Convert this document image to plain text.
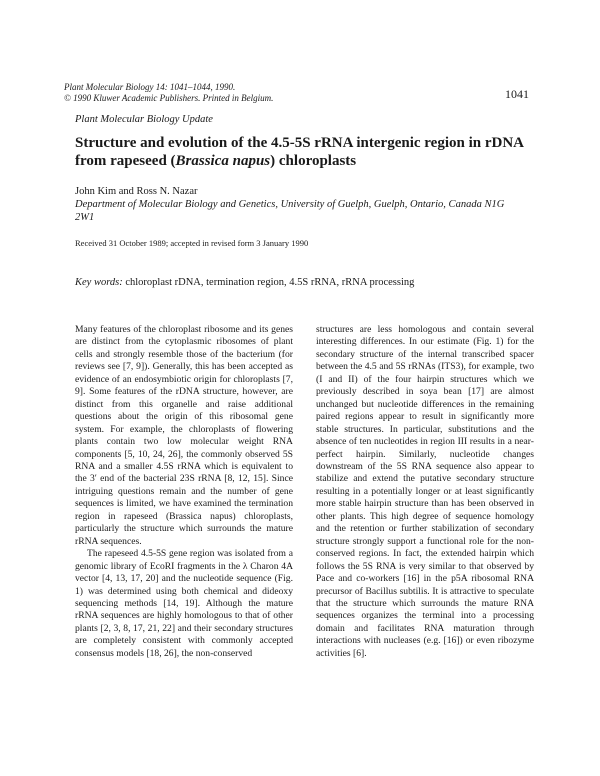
Plant Molecular Biology 14: 1041–1044, 1990.
© 1990 Kluwer Academic Publishers. Printed in Belgium.	1041
Plant Molecular Biology Update
Structure and evolution of the 4.5-5S rRNA intergenic region in rDNA
from rapeseed (Brassica napus) chloroplasts
John Kim and Ross N. Nazar
Department of Molecular Biology and Genetics, University of Guelph, Guelph, Ontario, Canada N1G
2W1
Received 31 October 1989; accepted in revised form 3 January 1990
Key words: chloroplast rDNA, termination region, 4.5S rRNA, rRNA processing

Many features of the chloroplast ribosome and its genes are distinct from the cytoplasmic ribosomes of plant cells and strongly resemble those of the bacterium (for reviews see [7, 9]). Generally, this has been accepted as evidence of an endosymbiotic origin for chloroplasts [7, 9]. Some features of the rDNA structure, however, are distinct from this organelle and raise additional questions about the origin of this ribosomal gene system. For example, the chloroplasts of flowering plants contain two low molecular weight RNA components [5, 10, 24, 26], the commonly observed 5S RNA and a smaller 4.5S rRNA which is equivalent to the 3′ end of the bacterial 23S rRNA [8, 12, 15]. Since intriguing questions remain and the number of gene sequences is limited, we have examined the termination region in rapeseed (Brassica napus) chloroplasts, particularly the structure which surrounds the mature rRNA sequences.

The rapeseed 4.5-5S gene region was isolated from a genomic library of EcoRI fragments in the λ Charon 4A vector [4, 13, 17, 20] and the nucleotide sequence (Fig. 1) was determined using both chemical and dideoxy sequencing methods [14, 19]. Although the mature rRNA sequences are highly homologous to that of other plants [2, 3, 8, 17, 21, 22] and their secondary structures are completely consistent with commonly accepted consensus models [18, 26], the non-conserved

structures are less homologous and contain several interesting differences. In our estimate (Fig. 1) for the secondary structure of the internal transcribed spacer between the 4.5 and 5S rRNAs (ITS3), for example, two (I and II) of the four hairpin structures which we previously described in soya bean [17] are almost unchanged but nucleotide differences in the remaining paired regions appear to result in significantly more stable structures. In particular, substitutions and the absence of ten nucleotides in region III results in a near-perfect hairpin. Similarly, nucleotide changes downstream of the 5S RNA sequence also appear to stabilize and extend the putative secondary structure resulting in a potentially longer or at least significantly more stable hairpin structure than has been observed in other plants. This high degree of sequence homology and the retention or further stabilization of secondary structure strongly support a functional role for the non-conserved regions. In fact, the extended hairpin which follows the 5S RNA is very similar to that observed by Pace and co-workers [16] in the p5A ribosomal RNA precursor of Bacillus subtilis. It is attractive to speculate that the structure which surrounds the mature RNA sequences organizes the terminal into a processing domain and facilitates RNA maturation through interactions with nucleases (e.g. [16]) or even ribozyme activities [6].
